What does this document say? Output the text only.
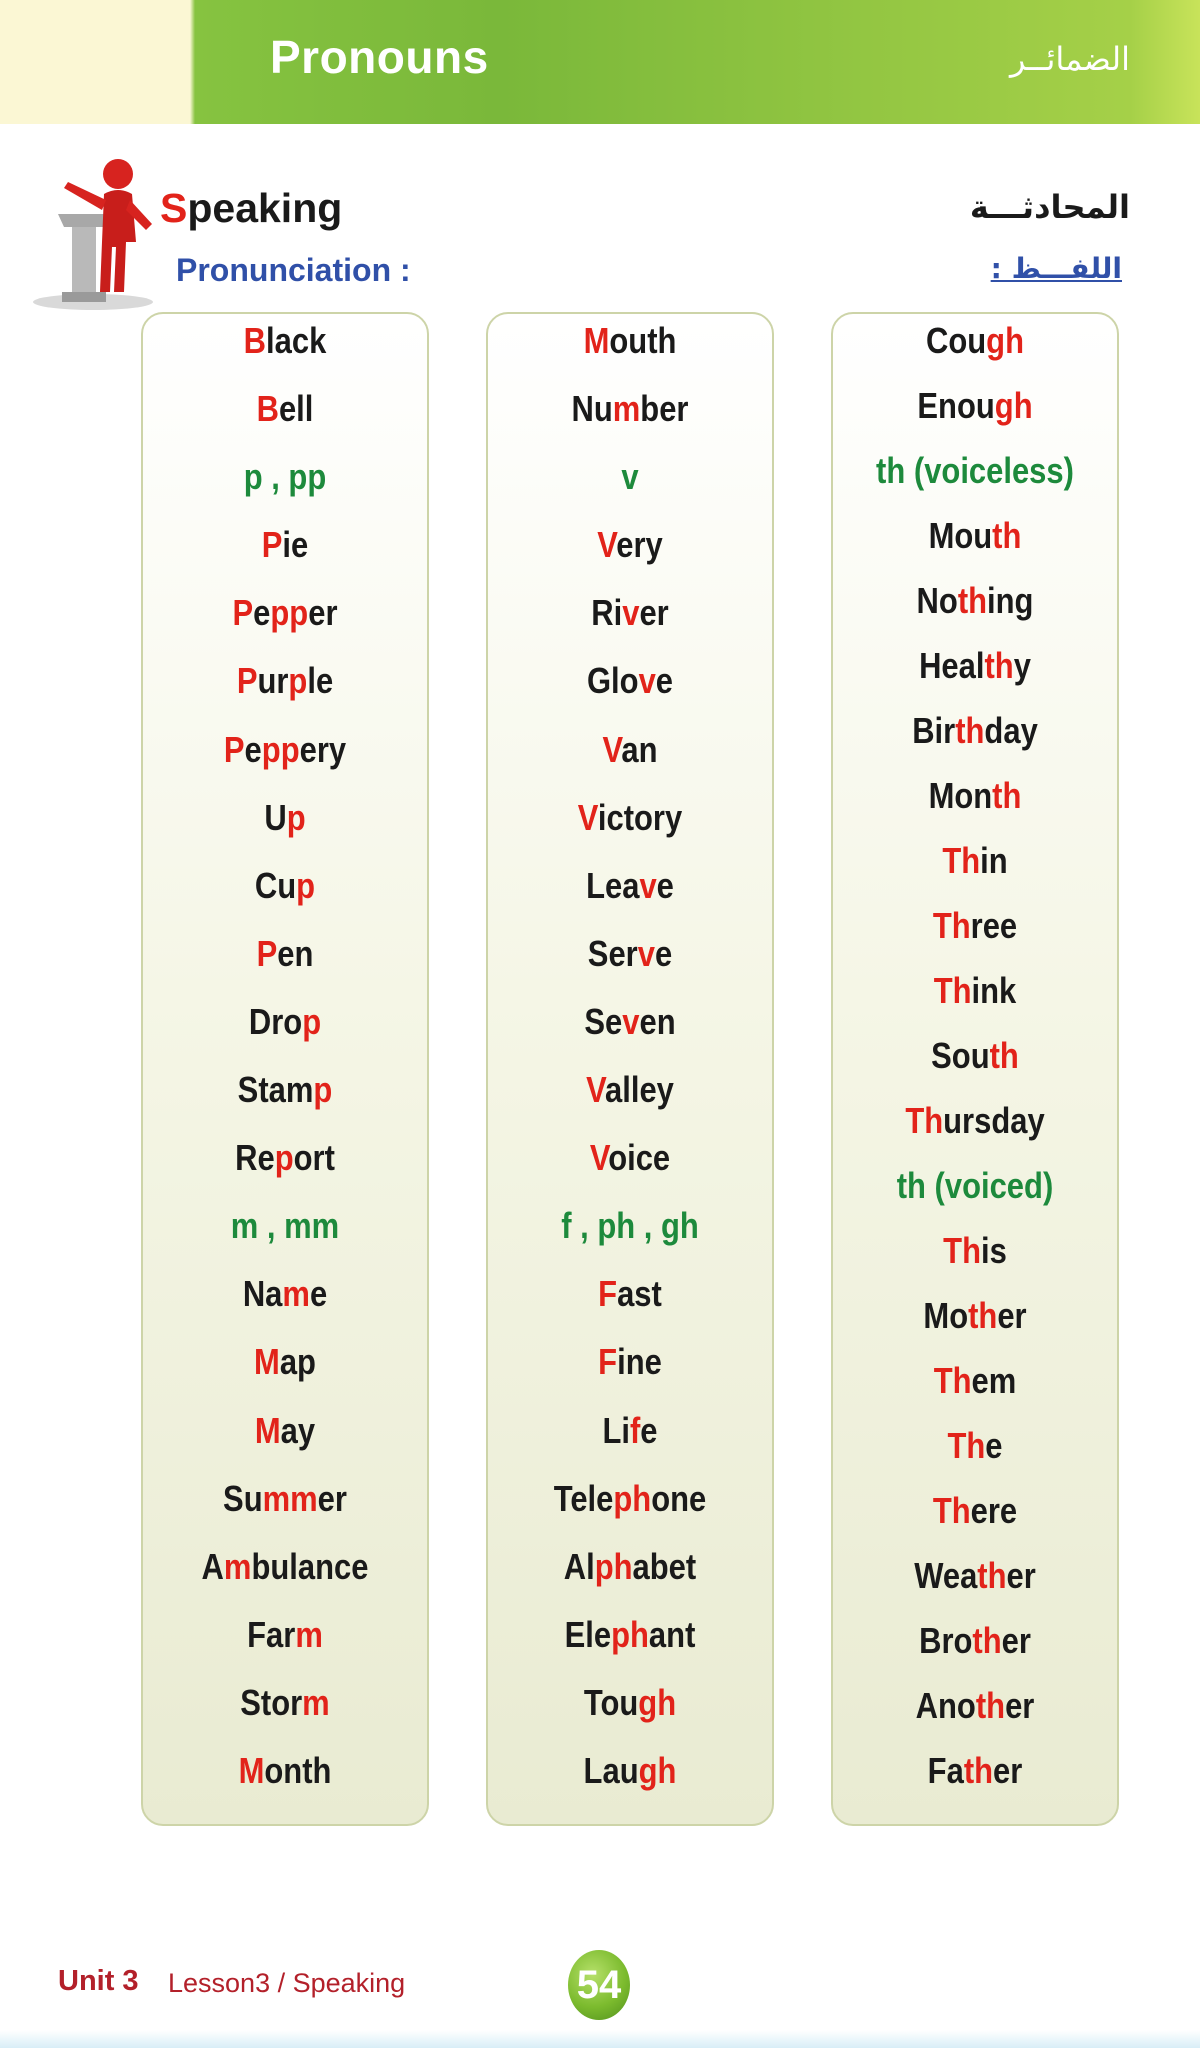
Pronouns	الضمائــر
Speaking
Pronunciation :
المحادثـــة
اللفـــظ :
Black
Bell
p , pp
Pie
Pepper
Purple
Peppery
Up
Cup
Pen
Drop
Stamp
Report
m , mm
Name
Map
May
Summer
Ambulance
Farm
Storm
Month
Mouth
Number
v
Very
River
Glove
Van
Victory
Leave
Serve
Seven
Valley
Voice
f , ph , gh
Fast
Fine
Life
Telephone
Alphabet
Elephant
Tough
Laugh
Cough
Enough
th (voiceless)
Mouth
Nothing
Healthy
Birthday
Month
Thin
Three
Think
South
Thursday
th (voiced)
This
Mother
Them
The
There
Weather
Brother
Another
Father
Unit 3 Lesson3 / Speaking	54
